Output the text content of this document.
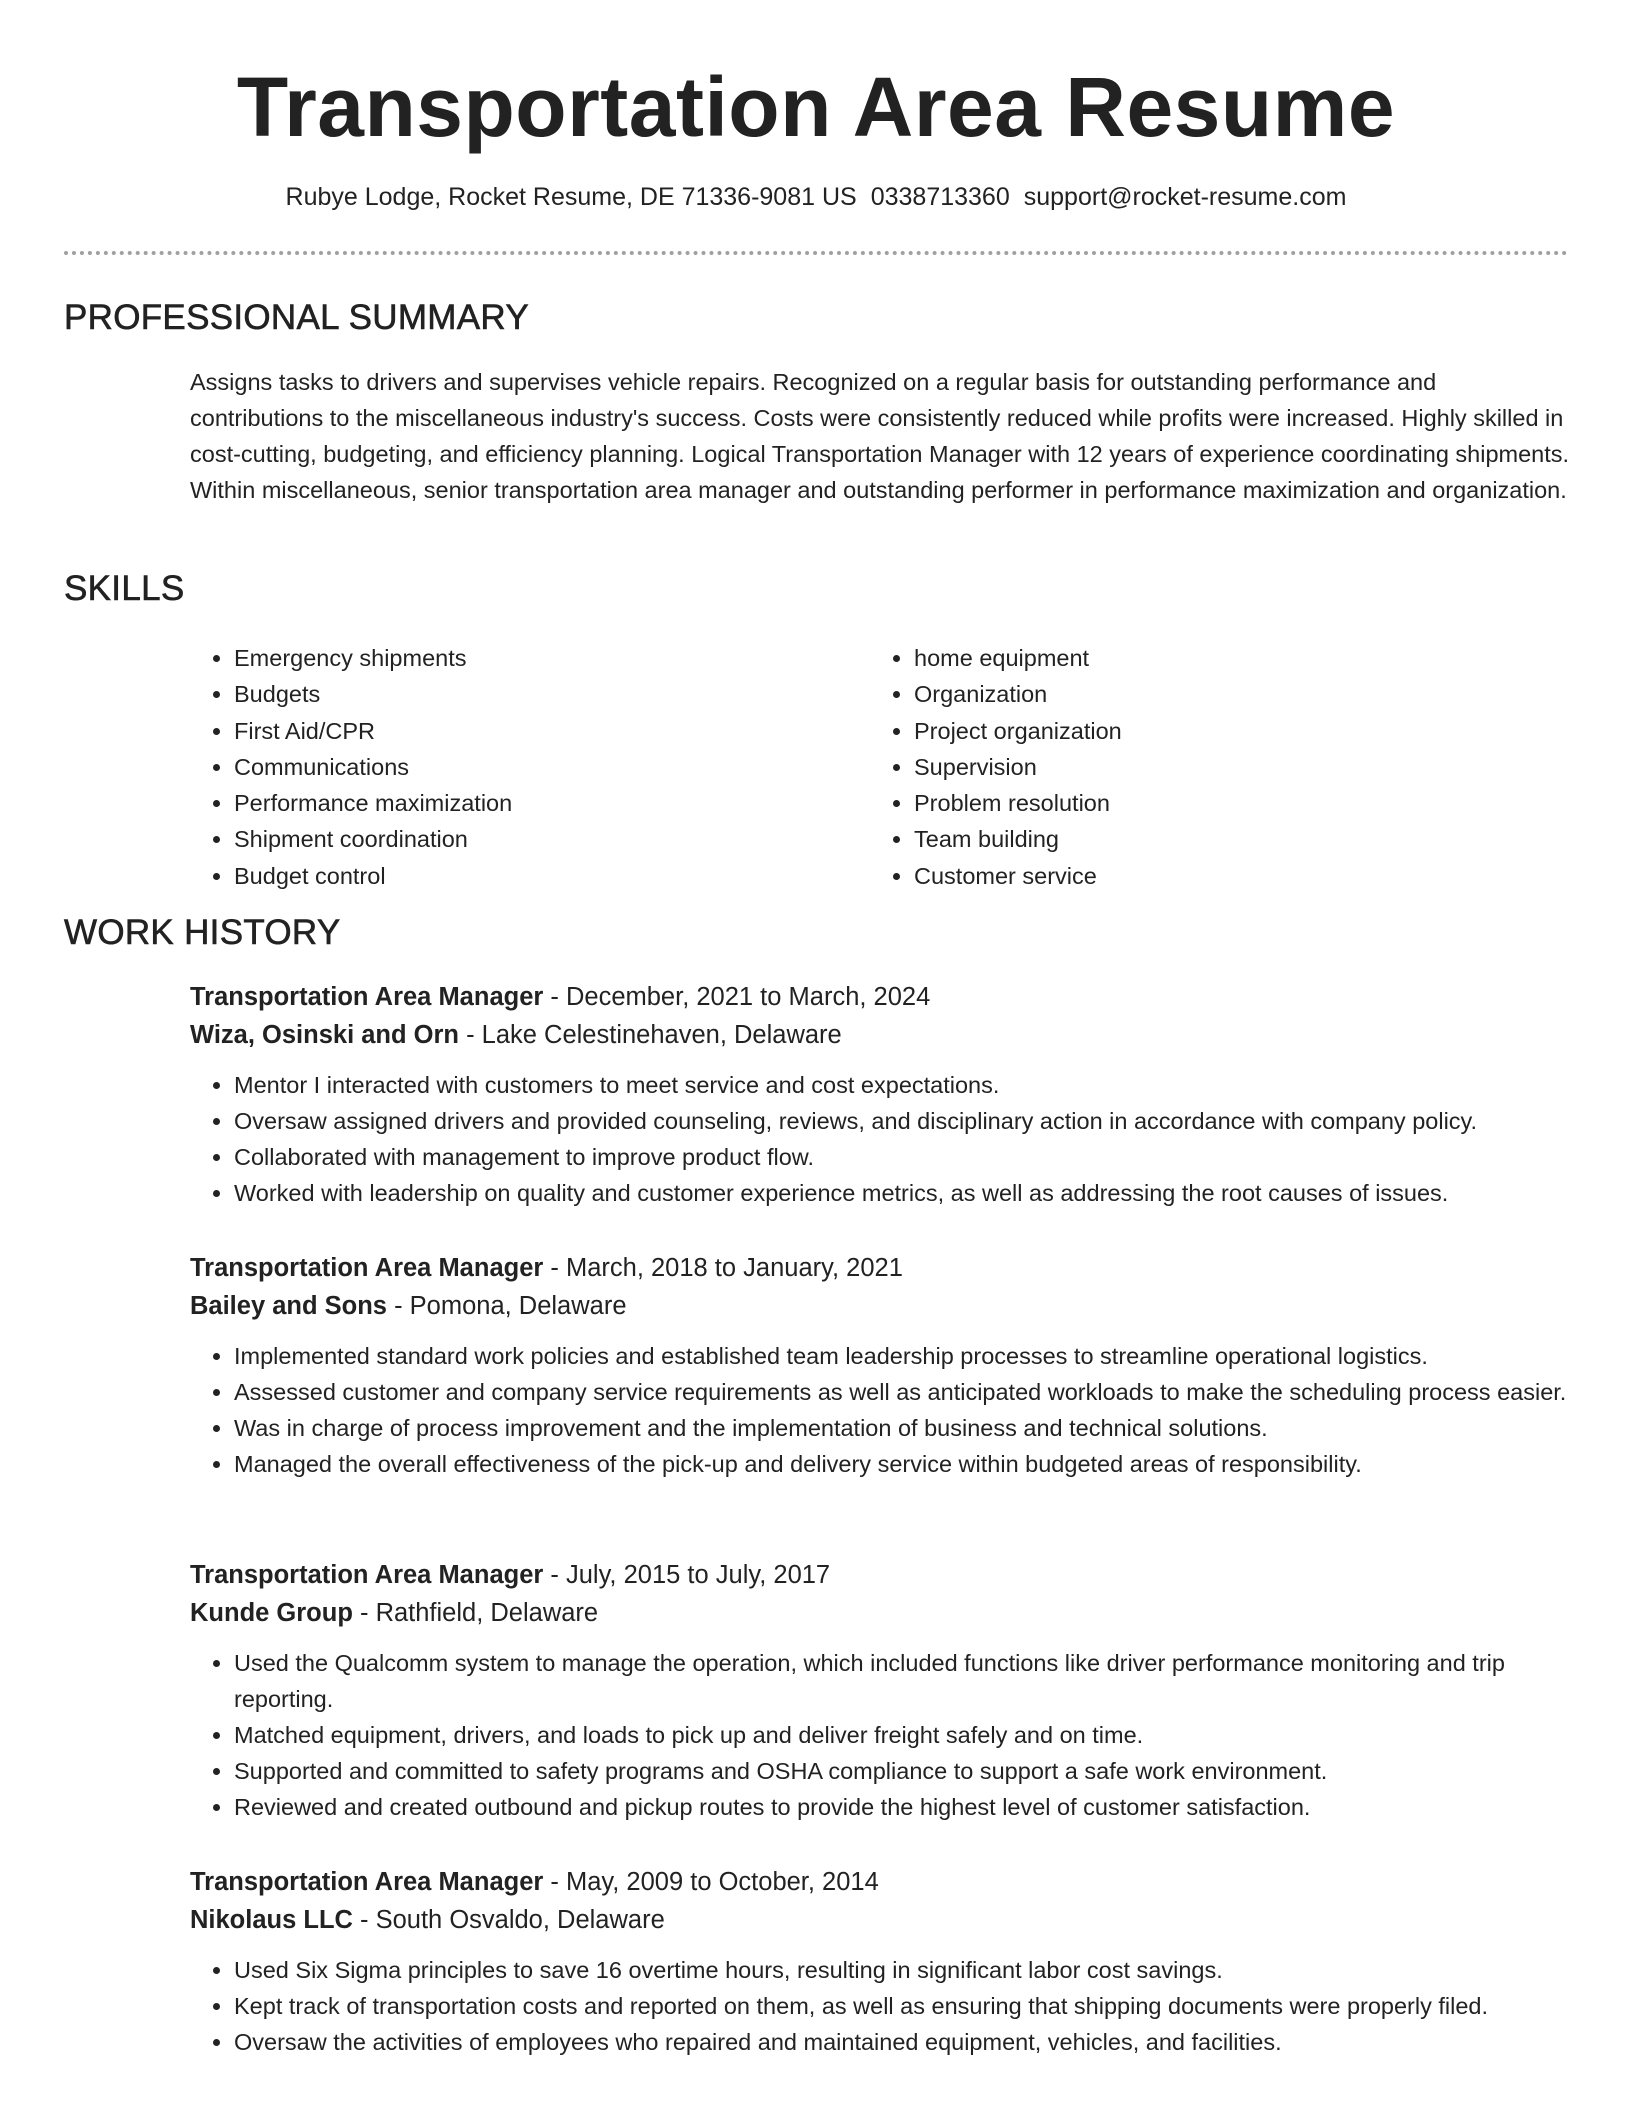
Transportation Area Resume
Rubye Lodge, Rocket Resume, DE 71336-9081 US 0338713360 support@rocket-resume.com
PROFESSIONAL SUMMARY

Assigns tasks to drivers and supervises vehicle repairs. Recognized on a regular basis for outstanding performance and contributions to the miscellaneous industry's success. Costs were consistently reduced while profits were increased. Highly skilled in cost-cutting, budgeting, and efficiency planning. Logical Transportation Manager with 12 years of experience coordinating shipments. Within miscellaneous, senior transportation area manager and outstanding performer in performance maximization and organization.

SKILLS
• Emergency shipments
• Budgets
• First Aid/CPR
• Communications
• Performance maximization
• Shipment coordination
• Budget control
• home equipment
• Organization
• Project organization
• Supervision
• Problem resolution
• Team building
• Customer service
WORK HISTORY
Transportation Area Manager - December, 2021 to March, 2024
Wiza, Osinski and Orn - Lake Celestinehaven, Delaware
• Mentor I interacted with customers to meet service and cost expectations.
• Oversaw assigned drivers and provided counseling, reviews, and disciplinary action in accordance with company policy.
• Collaborated with management to improve product flow.
• Worked with leadership on quality and customer experience metrics, as well as addressing the root causes of issues.
Transportation Area Manager - March, 2018 to January, 2021
Bailey and Sons - Pomona, Delaware
• Implemented standard work policies and established team leadership processes to streamline operational logistics.
• Assessed customer and company service requirements as well as anticipated workloads to make the scheduling process easier.
• Was in charge of process improvement and the implementation of business and technical solutions.
• Managed the overall effectiveness of the pick-up and delivery service within budgeted areas of responsibility.
Transportation Area Manager - July, 2015 to July, 2017
Kunde Group - Rathfield, Delaware
• Used the Qualcomm system to manage the operation, which included functions like driver performance monitoring and trip reporting.
• Matched equipment, drivers, and loads to pick up and deliver freight safely and on time.
• Supported and committed to safety programs and OSHA compliance to support a safe work environment.
• Reviewed and created outbound and pickup routes to provide the highest level of customer satisfaction.
Transportation Area Manager - May, 2009 to October, 2014
Nikolaus LLC - South Osvaldo, Delaware
• Used Six Sigma principles to save 16 overtime hours, resulting in significant labor cost savings.
• Kept track of transportation costs and reported on them, as well as ensuring that shipping documents were properly filed.
• Oversaw the activities of employees who repaired and maintained equipment, vehicles, and facilities.
